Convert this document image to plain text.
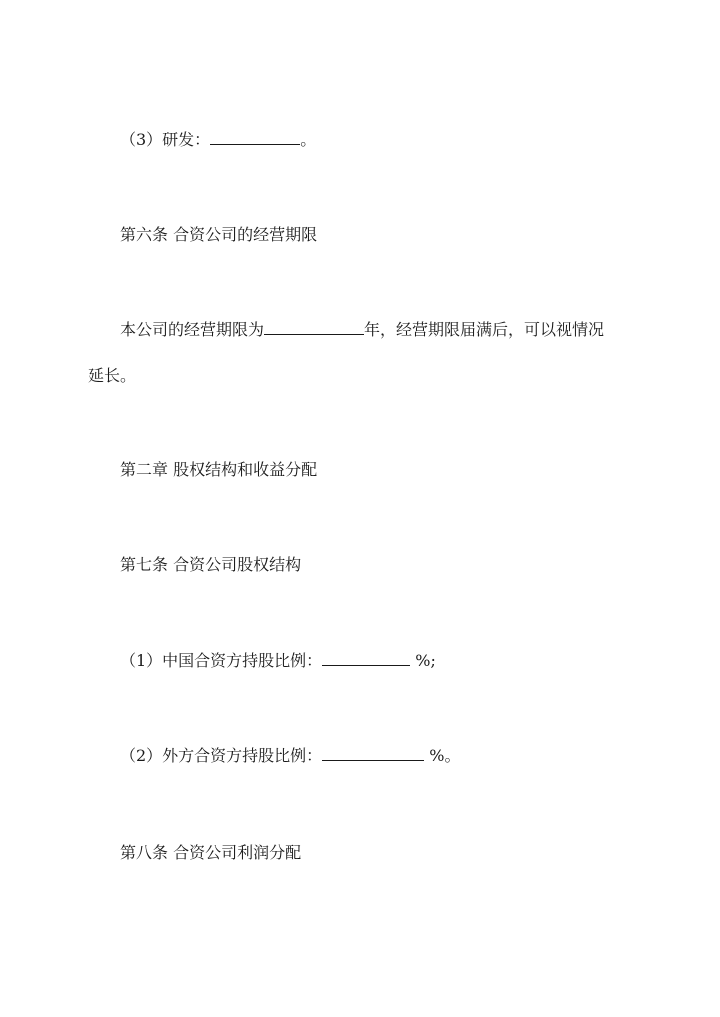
（3）研发：	。

第六条 合资公司的经营期限

本公司的经营期限为	年，经营期限届满后，可以视情况

延长。

第二章 股权结构和收益分配

第七条 合资公司股权结构

（1）中国合资方持股比例：	%;

（2）外方合资方持股比例：	%。

第八条 合资公司利润分配
